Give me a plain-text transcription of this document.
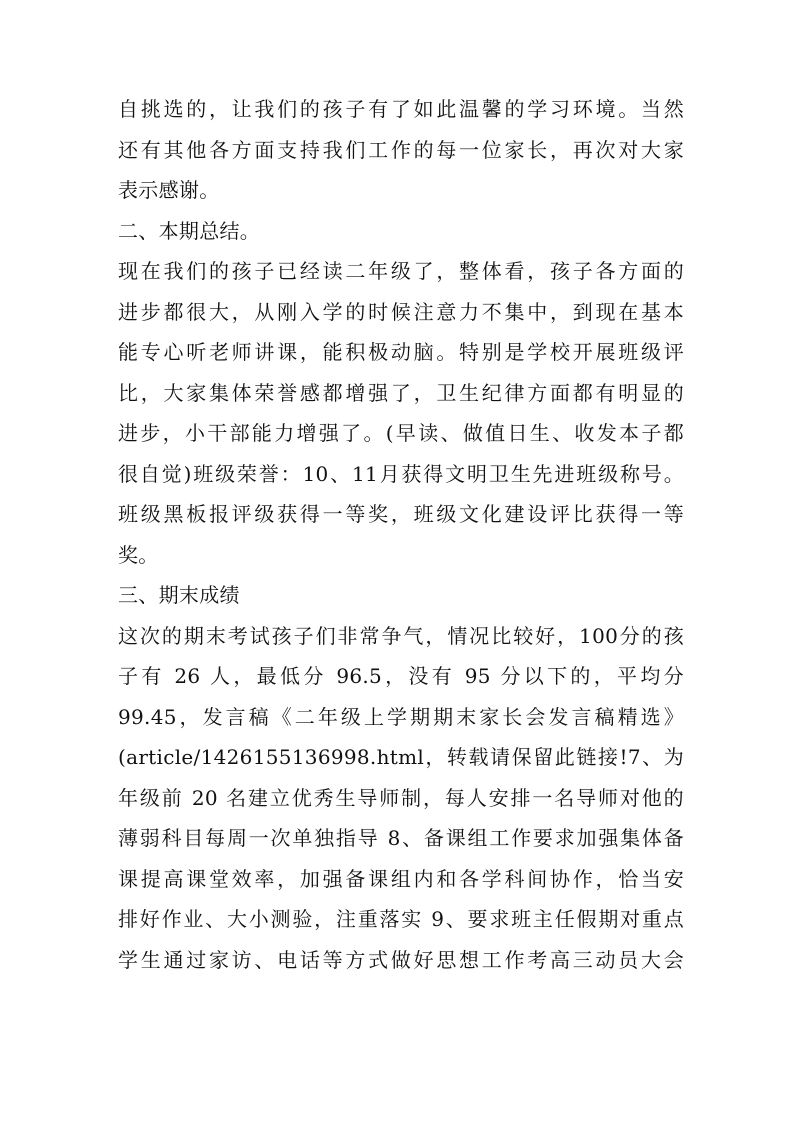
自挑选的，让我们的孩子有了如此温馨的学习环境。当然
还有其他各方面支持我们工作的每一位家长，再次对大家
表示感谢。
二、本期总结。
现在我们的孩子已经读二年级了，整体看，孩子各方面的
进步都很大，从刚入学的时候注意力不集中，到现在基本
能专心听老师讲课，能积极动脑。特别是学校开展班级评
比，大家集体荣誉感都增强了，卫生纪律方面都有明显的
进步，小干部能力增强了。(早读、做值日生、收发本子都
很自觉)班级荣誉：10、11月获得文明卫生先进班级称号。
班级黑板报评级获得一等奖，班级文化建设评比获得一等
奖。
三、期末成绩
这次的期末考试孩子们非常争气，情况比较好，100分的孩
子有 26 人，最低分 96.5，没有 95 分以下的，平均分
99.45，发言稿《二年级上学期期末家长会发言稿精选》
(article/1426155136998.html，转载请保留此链接!7、为
年级前 20 名建立优秀生导师制，每人安排一名导师对他的
薄弱科目每周一次单独指导 8、备课组工作要求加强集体备
课提高课堂效率，加强备课组内和各学科间协作，恰当安
排好作业、大小测验，注重落实 9、要求班主任假期对重点
学生通过家访、电话等方式做好思想工作考高三动员大会
